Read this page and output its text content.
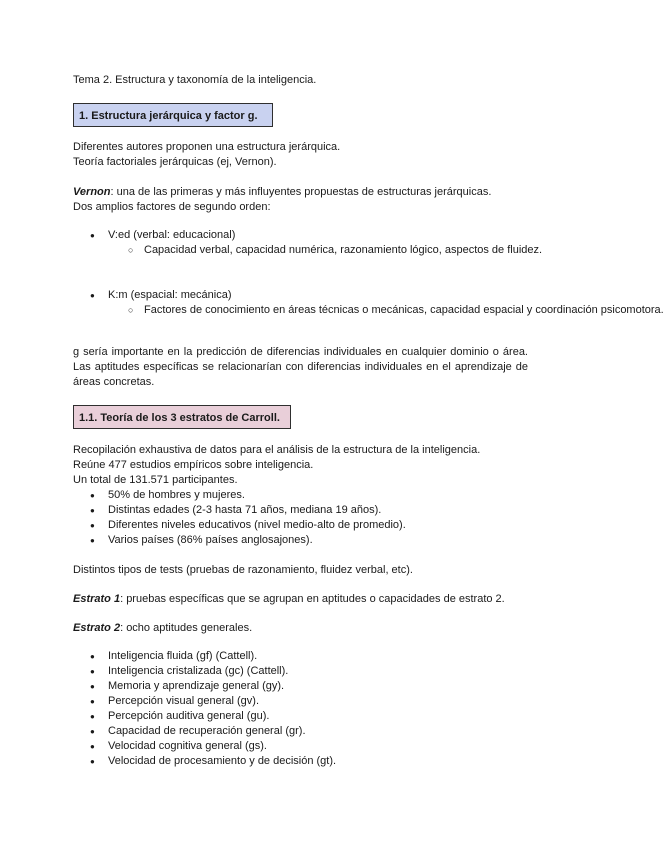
Tema 2. Estructura y taxonomía de la inteligencia.
1. Estructura jerárquica y factor g.
Diferentes autores proponen una estructura jerárquica.
Teoría factoriales jerárquicas (ej, Vernon).
Vernon: una de las primeras y más influyentes propuestas de estructuras jerárquicas.
Dos amplios factores de segundo orden:
● V:ed (verbal: educacional)
○ Capacidad verbal, capacidad numérica, razonamiento lógico, aspectos de fluidez.
● K:m (espacial: mecánica)
○ Factores de conocimiento en áreas técnicas o mecánicas, capacidad espacial y coordinación psicomotora.
g sería importante en la predicción de diferencias individuales en cualquier dominio o área. Las aptitudes específicas se relacionarían con diferencias individuales en el aprendizaje de áreas concretas.
1.1. Teoría de los 3 estratos de Carroll.
Recopilación exhaustiva de datos para el análisis de la estructura de la inteligencia.
Reúne 477 estudios empíricos sobre inteligencia.
Un total de 131.571 participantes.
● 50% de hombres y mujeres.
● Distintas edades (2-3 hasta 71 años, mediana 19 años).
● Diferentes niveles educativos (nivel medio-alto de promedio).
● Varios países (86% países anglosajones).
Distintos tipos de tests (pruebas de razonamiento, fluidez verbal, etc).
Estrato 1: pruebas específicas que se agrupan en aptitudes o capacidades de estrato 2.
Estrato 2: ocho aptitudes generales.
● Inteligencia fluida (gf) (Cattell).
● Inteligencia cristalizada (gc) (Cattell).
● Memoria y aprendizaje general (gy).
● Percepción visual general (gv).
● Percepción auditiva general (gu).
● Capacidad de recuperación general (gr).
● Velocidad cognitiva general (gs).
● Velocidad de procesamiento y de decisión (gt).
